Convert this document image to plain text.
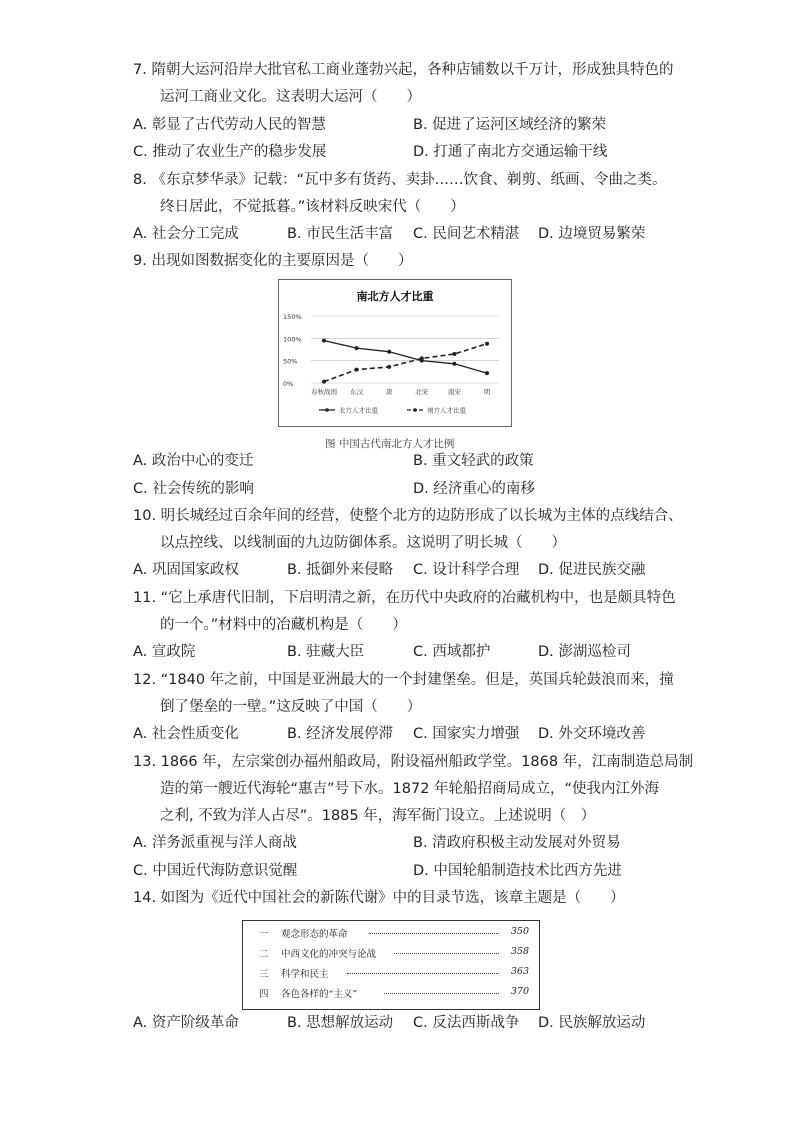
7. 隋朝大运河沿岸大批官私工商业蓬勃兴起，各种店铺数以千万计，形成独具特色的
运河工商业文化。这表明大运河（　　）
A. 彰显了古代劳动人民的智慧	B. 促进了运河区域经济的繁荣
C. 推动了农业生产的稳步发展	D. 打通了南北方交通运输干线
8. 《东京梦华录》记载：“瓦中多有货药、卖卦……饮食、剃剪、纸画、令曲之类。
终日居此，不觉抵暮。”该材料反映宋代（　　）
A. 社会分工完成	B. 市民生活丰富 C. 民间艺术精湛 D. 边境贸易繁荣
9. 出现如图数据变化的主要原因是（　　）
南北方人才比重
150%
100%
50%
0%
春秋战国 东汉	唐	北宋	南宋	明
北方人才比重	南方人才比重
图 中国古代南北方人才比例
A. 政治中心的变迁	B. 重文轻武的政策
C. 社会传统的影响	D. 经济重心的南移
10. 明长城经过百余年间的经营，使整个北方的边防形成了以长城为主体的点线结合、
以点控线、以线制面的九边防御体系。这说明了明长城（　　）
A. 巩固国家政权	B. 抵御外来侵略 C. 设计科学合理 D. 促进民族交融
11. “它上承唐代旧制，下启明清之新，在历代中央政府的冶藏机构中，也是颇具特色
的一个。”材料中的冶藏机构是（　　）
A. 宣政院	B. 驻藏大臣	C. 西域都护	D. 澎湖巡检司
12. “1840 年之前，中国是亚洲最大的一个封建堡垒。但是，英国兵轮鼓浪而来，撞
倒了堡垒的一壁。”这反映了中国（　　）
A. 社会性质变化	B. 经济发展停滞 C. 国家实力增强 D. 外交环境改善
13. 1866 年，左宗棠创办福州船政局，附设福州船政学堂。1868 年，江南制造总局制
造的第一艘近代海轮“惠吉”号下水。1872 年轮船招商局成立，“使我内江外海
之利, 不致为洋人占尽”。1885 年，海军衙门设立。上述说明（　）
A. 洋务派重视与洋人商战	B. 清政府积极主动发展对外贸易
C. 中国近代海防意识觉醒	D. 中国轮船制造技术比西方先进
14. 如图为《近代中国社会的新陈代谢》中的目录节选，该章主题是（　　）
一 观念形态的革命	350
二 中西文化的冲突与论战	358
三 科学和民主	363
四 各色各样的“主义”	370
A. 资产阶级革命	B. 思想解放运动 C. 反法西斯战争 D. 民族解放运动
